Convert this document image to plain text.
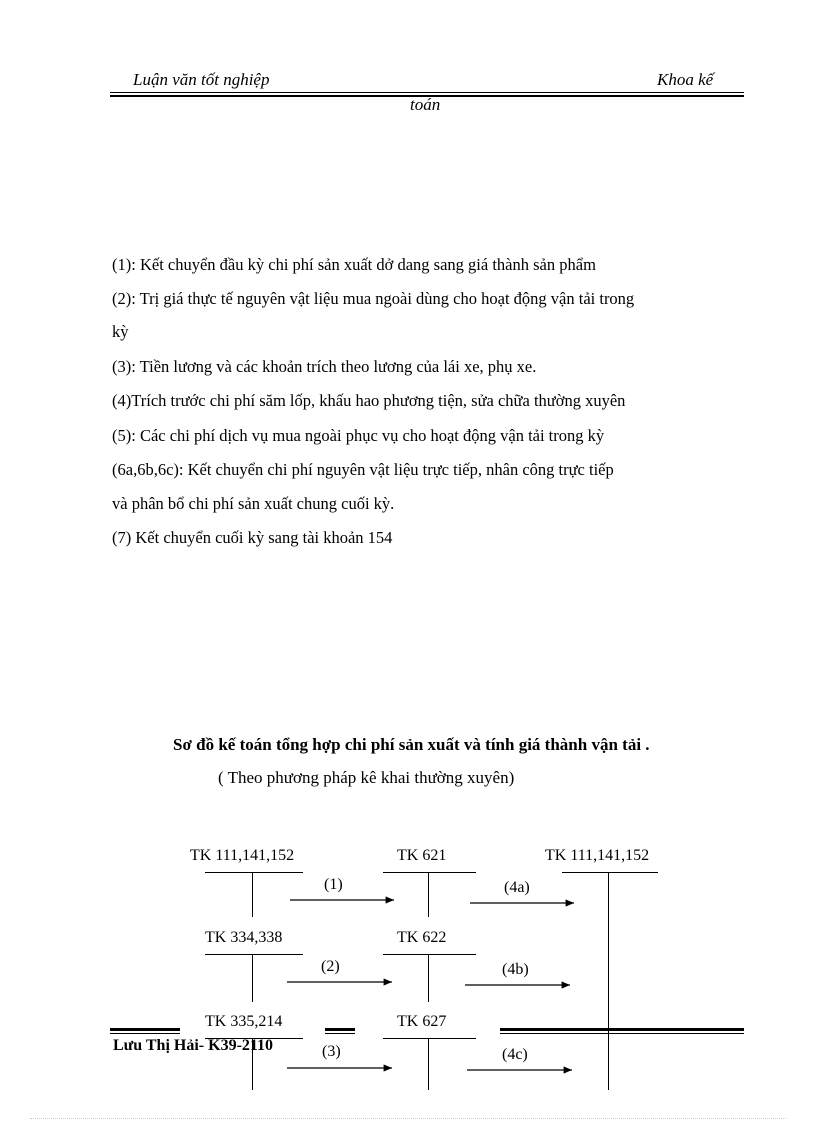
Luận văn tốt nghiệp	Khoa kế
toán
(1): Kết chuyển đầu kỳ chi phí sản xuất dở dang sang giá thành sản phẩm
(2): Trị giá thực tế nguyên vật liệu mua ngoài dùng cho hoạt động vận tải trong
kỳ
(3): Tiền lương và các khoản trích theo lương của lái xe, phụ xe.
(4)Trích trước chi phí săm lốp, khấu hao phương tiện, sửa chữa thường xuyên
(5): Các chi phí dịch vụ mua ngoài phục vụ cho hoạt động vận tải trong kỳ
(6a,6b,6c): Kết chuyển chi phí nguyên vật liệu trực tiếp, nhân công trực tiếp
và phân bổ chi phí sản xuất chung cuối kỳ.
(7) Kết chuyển cuối kỳ sang tài khoản 154
Sơ đồ kế toán tổng hợp chi phí sản xuất và tính giá thành vận tải .
( Theo phương pháp kê khai thường xuyên)
TK 111,141,152	TK 621	TK 111,141,152
TK 334,338	TK 622
TK 335,214	TK 627
(1)
(2)
(3)
(4a)
(4b)
(4c)
Lưu Thị Hải- K39-2110
